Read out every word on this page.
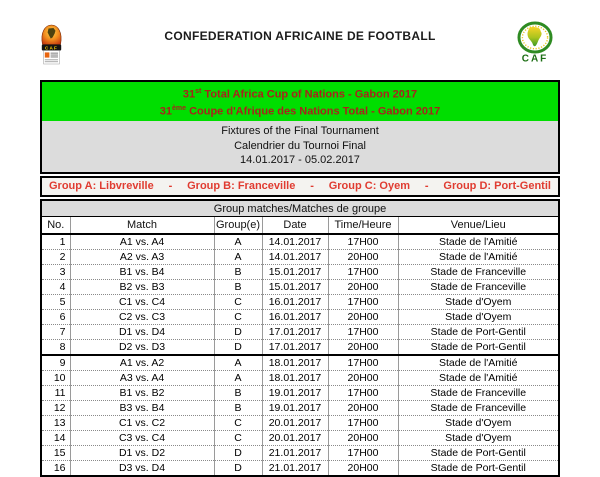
CAF
CONFEDERATION AFRICAINE DE FOOTBALL
CAF
31st Total Africa Cup of Nations - Gabon 2017
31ème Coupe d'Afrique des Nations Total - Gabon 2017
Fixtures of the Final Tournament
Calendrier du Tournoi Final
14.01.2017 - 05.02.2017
Group A: Libvreville - Group B: Franceville - Group C: Oyem - Group D: Port-Gentil
Group matches/Matches de groupe
No.	Match	Group(e)	Date	Time/Heure	Venue/Lieu
1	A1 vs. A4	A	14.01.2017	17H00	Stade de l'Amitié
2	A2 vs. A3	A	14.01.2017	20H00	Stade de l'Amitié
3	B1 vs. B4	B	15.01.2017	17H00	Stade de Franceville
4	B2 vs. B3	B	15.01.2017	20H00	Stade de Franceville
5	C1 vs. C4	C	16.01.2017	17H00	Stade d'Oyem
6	C2 vs. C3	C	16.01.2017	20H00	Stade d'Oyem
7	D1 vs. D4	D	17.01.2017	17H00	Stade de Port-Gentil
8	D2 vs. D3	D	17.01.2017	20H00	Stade de Port-Gentil
9	A1 vs. A2	A	18.01.2017	17H00	Stade de l'Amitié
10	A3 vs. A4	A	18.01.2017	20H00	Stade de l'Amitié
11	B1 vs. B2	B	19.01.2017	17H00	Stade de Franceville
12	B3 vs. B4	B	19.01.2017	20H00	Stade de Franceville
13	C1 vs. C2	C	20.01.2017	17H00	Stade d'Oyem
14	C3 vs. C4	C	20.01.2017	20H00	Stade d'Oyem
15	D1 vs. D2	D	21.01.2017	17H00	Stade de Port-Gentil
16	D3 vs. D4	D	21.01.2017	20H00	Stade de Port-Gentil
